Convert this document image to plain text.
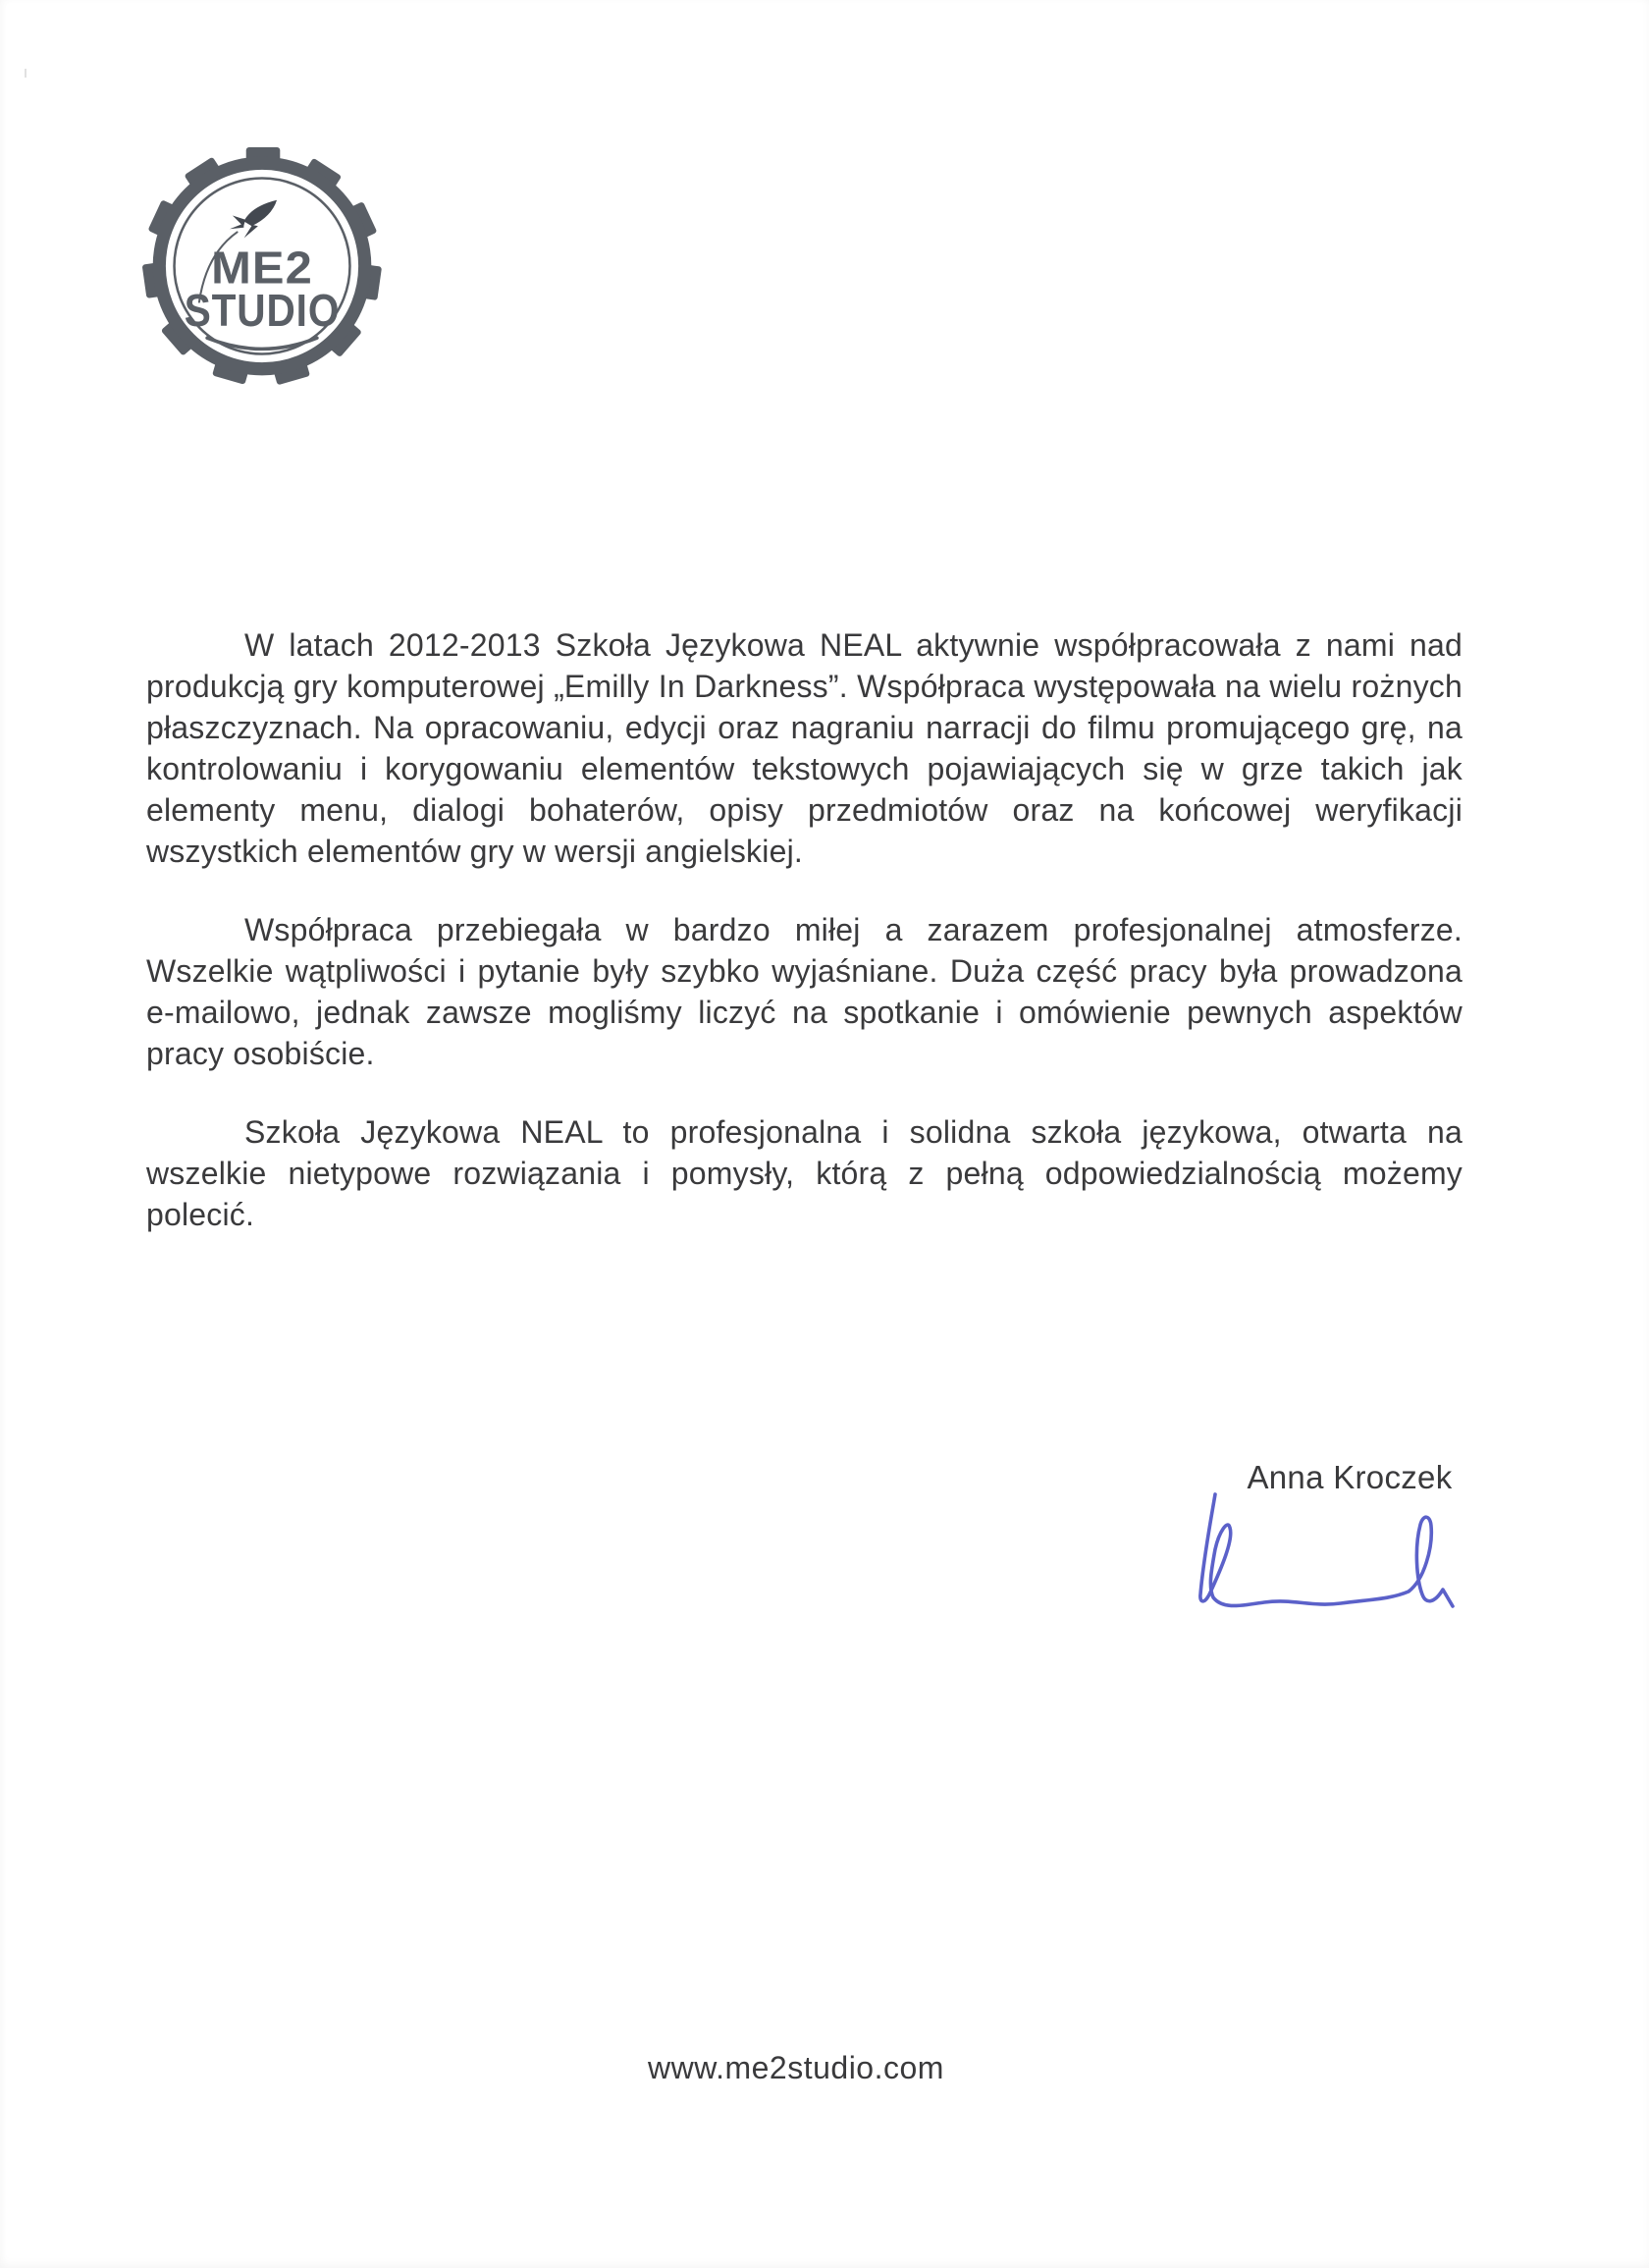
ME2
STUDIO

W latach 2012-2013 Szkoła Językowa NEAL aktywnie współpracowała z nami nad produkcją gry komputerowej „Emilly In Darkness”. Współpraca występowała na wielu rożnych płaszczyznach. Na opracowaniu, edycji oraz nagraniu narracji do filmu promującego grę, na kontrolowaniu i korygowaniu elementów tekstowych pojawiających się w grze takich jak elementy menu, dialogi bohaterów, opisy przedmiotów oraz na końcowej weryfikacji wszystkich elementów gry w wersji angielskiej.

Współpraca przebiegała w bardzo miłej a zarazem profesjonalnej atmosferze. Wszelkie wątpliwości i pytanie były szybko wyjaśniane. Duża część pracy była prowadzona e-mailowo, jednak zawsze mogliśmy liczyć na spotkanie i omówienie pewnych aspektów pracy osobiście.

Szkoła Językowa NEAL to profesjonalna i solidna szkoła językowa, otwarta na wszelkie nietypowe rozwiązania i pomysły, którą z pełną odpowiedzialnością możemy polecić.

Anna Kroczek
www.me2studio.com
